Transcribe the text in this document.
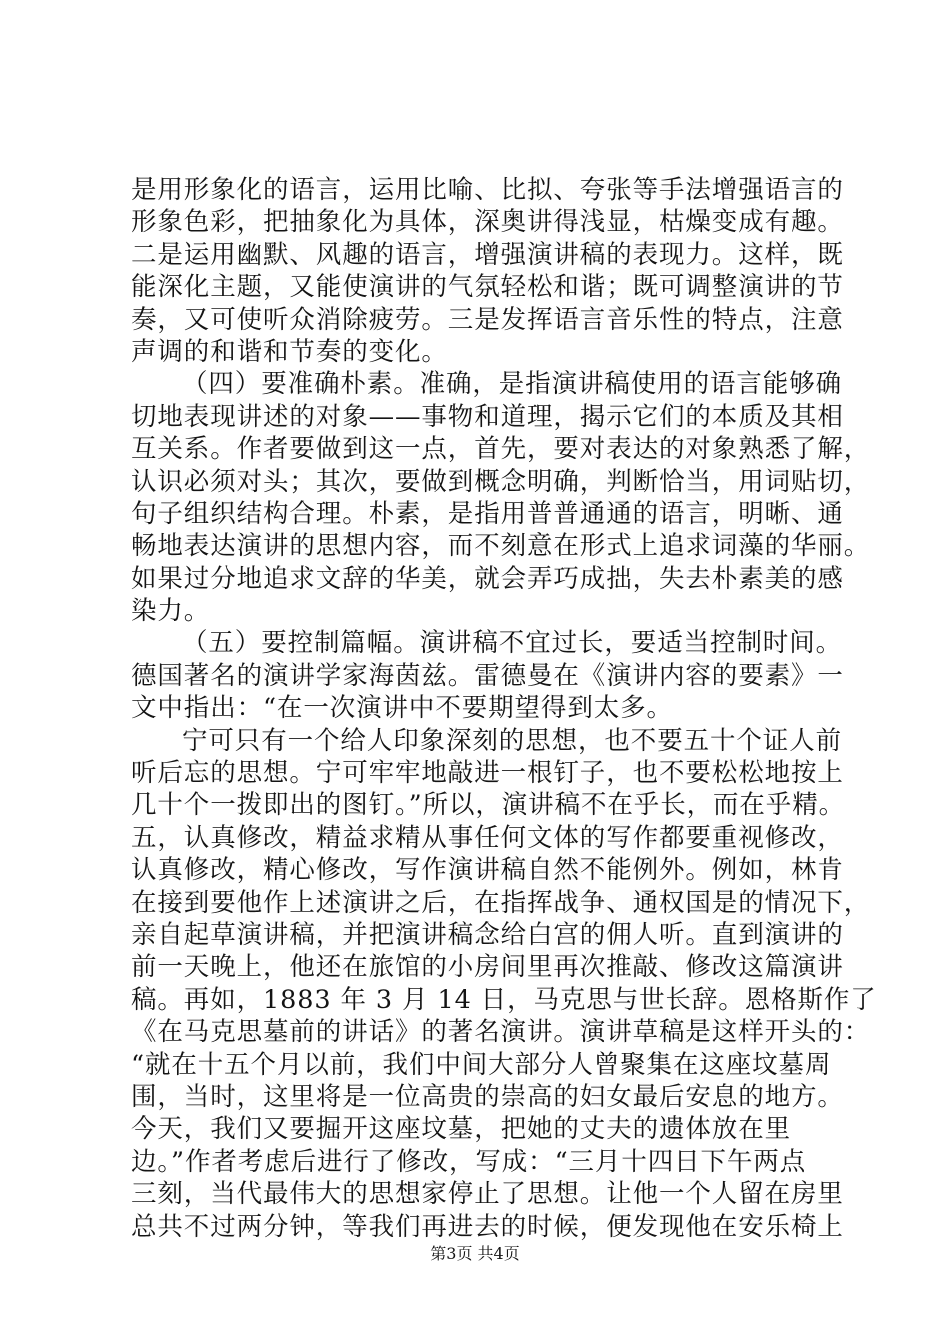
是用形象化的语言，运用比喻、比拟、夸张等手法增强语言的
形象色彩，把抽象化为具体，深奥讲得浅显，枯燥变成有趣。
二是运用幽默、风趣的语言，增强演讲稿的表现力。这样，既
能深化主题，又能使演讲的气氛轻松和谐；既可调整演讲的节
奏，又可使听众消除疲劳。三是发挥语言音乐性的特点，注意
声调的和谐和节奏的变化。
（四）要准确朴素。准确，是指演讲稿使用的语言能够确
切地表现讲述的对象——事物和道理，揭示它们的本质及其相
互关系。作者要做到这一点，首先，要对表达的对象熟悉了解，
认识必须对头；其次，要做到概念明确，判断恰当，用词贴切，
句子组织结构合理。朴素，是指用普普通通的语言，明晰、通
畅地表达演讲的思想内容，而不刻意在形式上追求词藻的华丽。
如果过分地追求文辞的华美，就会弄巧成拙，失去朴素美的感
染力。
（五）要控制篇幅。演讲稿不宜过长，要适当控制时间。
德国著名的演讲学家海茵兹。雷德曼在《演讲内容的要素》一
文中指出：“在一次演讲中不要期望得到太多。
宁可只有一个给人印象深刻的思想，也不要五十个证人前
听后忘的思想。宁可牢牢地敲进一根钉子，也不要松松地按上
几十个一拨即出的图钉。”所以，演讲稿不在乎长，而在乎精。
五，认真修改，精益求精从事任何文体的写作都要重视修改，
认真修改，精心修改，写作演讲稿自然不能例外。例如，林肯
在接到要他作上述演讲之后，在指挥战争、通权国是的情况下，
亲自起草演讲稿，并把演讲稿念给白宫的佣人听。直到演讲的
前一天晚上，他还在旅馆的小房间里再次推敲、修改这篇演讲
稿。再如，1883 年 3 月 14 日，马克思与世长辞。恩格斯作了
《在马克思墓前的讲话》的著名演讲。演讲草稿是这样开头的：
“就在十五个月以前，我们中间大部分人曾聚集在这座坟墓周
围，当时，这里将是一位高贵的崇高的妇女最后安息的地方。
今天，我们又要掘开这座坟墓，把她的丈夫的遗体放在里
边。”作者考虑后进行了修改，写成：“三月十四日下午两点
三刻，当代最伟大的思想家停止了思想。让他一个人留在房里
总共不过两分钟，等我们再进去的时候，便发现他在安乐椅上
第3页 共4页
